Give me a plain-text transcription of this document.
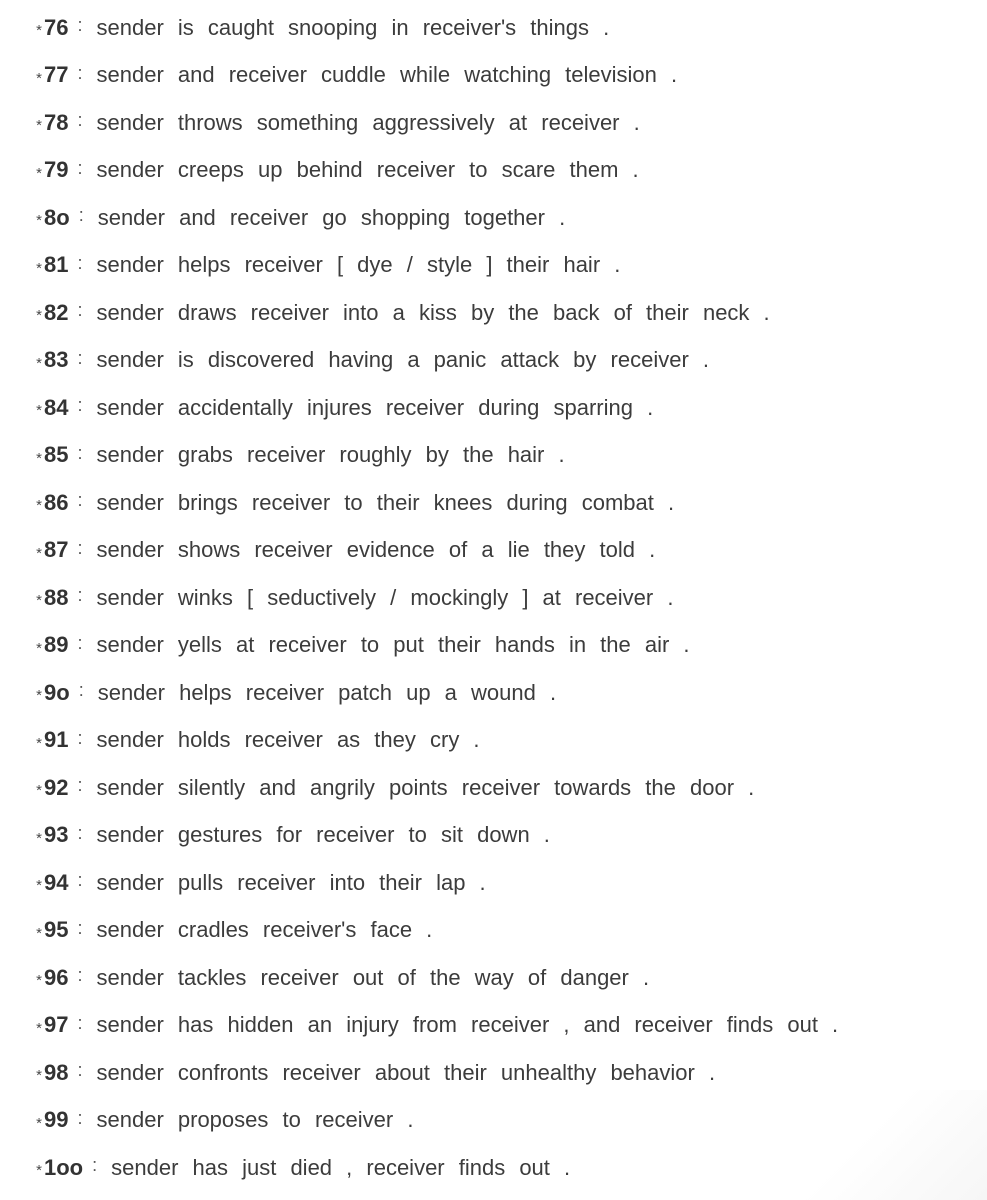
* 76 : sender is caught snooping in receiver's things .
* 77 : sender and receiver cuddle while watching television .
* 78 : sender throws something aggressively at receiver .
* 79 : sender creeps up behind receiver to scare them .
* 8o : sender and receiver go shopping together .
* 81 : sender helps receiver [ dye / style ] their hair .
* 82 : sender draws receiver into a kiss by the back of their neck .
* 83 : sender is discovered having a panic attack by receiver .
* 84 : sender accidentally injures receiver during sparring .
* 85 : sender grabs receiver roughly by the hair .
* 86 : sender brings receiver to their knees during combat .
* 87 : sender shows receiver evidence of a lie they told .
* 88 : sender winks [ seductively / mockingly ] at receiver .
* 89 : sender yells at receiver to put their hands in the air .
* 9o : sender helps receiver patch up a wound .
* 91 : sender holds receiver as they cry .
* 92 : sender silently and angrily points receiver towards the door .
* 93 : sender gestures for receiver to sit down .
* 94 : sender pulls receiver into their lap .
* 95 : sender cradles receiver's face .
* 96 : sender tackles receiver out of the way of danger .
* 97 : sender has hidden an injury from receiver , and receiver finds out .
* 98 : sender confronts receiver about their unhealthy behavior .
* 99 : sender proposes to receiver .
* 1oo : sender has just died , receiver finds out .
